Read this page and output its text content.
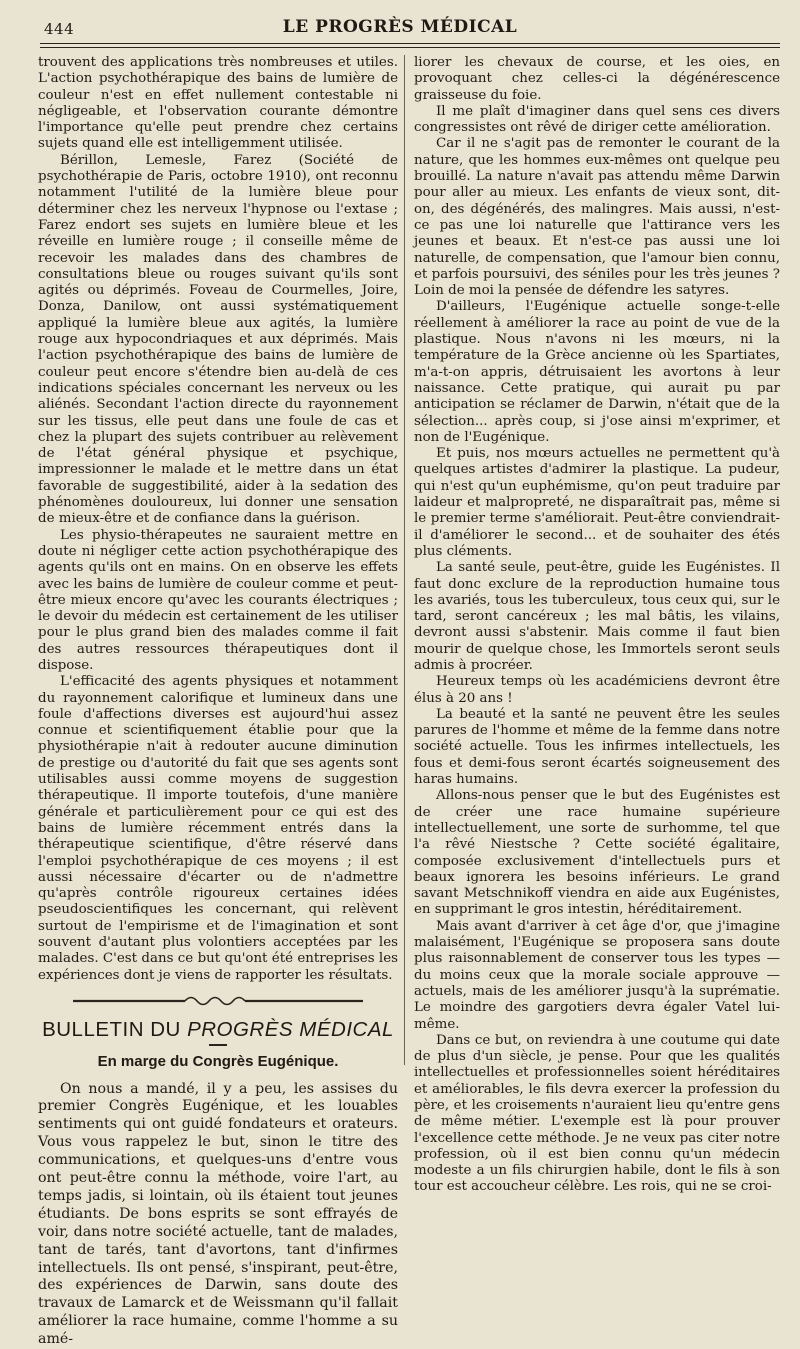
444	LE PROGRÈS MÉDICAL

trouvent des applications très nombreuses et utiles. L'action psychothérapique des bains de lumière de couleur n'est en effet nullement contestable ni négligeable, et l'observation courante démontre l'importance qu'elle peut prendre chez certains sujets quand elle est intelligemment utilisée.

Bérillon, Lemesle, Farez (Société de psychothérapie de Paris, octobre 1910), ont reconnu notamment l'utilité de la lumière bleue pour déterminer chez les nerveux l'hypnose ou l'extase ; Farez endort ses sujets en lumière bleue et les réveille en lumière rouge ; il conseille même de recevoir les malades dans des chambres de consultations bleue ou rouges suivant qu'ils sont agités ou déprimés. Foveau de Courmelles, Joire, Donza, Danilow, ont aussi systématiquement appliqué la lumière bleue aux agités, la lumière rouge aux hypocondriaques et aux déprimés. Mais l'action psychothérapique des bains de lumière de couleur peut encore s'étendre bien au-delà de ces indications spéciales concernant les nerveux ou les aliénés. Secondant l'action directe du rayonnement sur les tissus, elle peut dans une foule de cas et chez la plupart des sujets contribuer au relèvement de l'état général physique et psychique, impressionner le malade et le mettre dans un état favorable de suggestibilité, aider à la sedation des phénomènes douloureux, lui donner une sensation de mieux-être et de confiance dans la guérison.

Les physio-thérapeutes ne sauraient mettre en doute ni négliger cette action psychothérapique des agents qu'ils ont en mains. On en observe les effets avec les bains de lumière de couleur comme et peut-être mieux encore qu'avec les courants électriques ; le devoir du médecin est certainement de les utiliser pour le plus grand bien des malades comme il fait des autres ressources thérapeutiques dont il dispose.

L'efficacité des agents physiques et notamment du rayonnement calorifique et lumineux dans une foule d'affections diverses est aujourd'hui assez connue et scientifiquement établie pour que la physiothérapie n'ait à redouter aucune diminution de prestige ou d'autorité du fait que ses agents sont utilisables aussi comme moyens de suggestion thérapeutique. Il importe toutefois, d'une manière générale et particulièrement pour ce qui est des bains de lumière récemment entrés dans la thérapeutique scientifique, d'être réservé dans l'emploi psychothérapique de ces moyens ; il est aussi nécessaire d'écarter ou de n'admettre qu'après contrôle rigoureux certaines idées pseudoscientifiques les concernant, qui relèvent surtout de l'empirisme et de l'imagination et sont souvent d'autant plus volontiers acceptées par les malades. C'est dans ce but qu'ont été entreprises les expériences dont je viens de rapporter les résultats.

BULLETIN DU PROGRÈS MÉDICAL
En marge du Congrès Eugénique.

On nous a mandé, il y a peu, les assises du premier Congrès Eugénique, et les louables sentiments qui ont guidé fondateurs et orateurs. Vous vous rappelez le but, sinon le titre des communications, et quelques-uns d'entre vous ont peut-être connu la méthode, voire l'art, au temps jadis, si lointain, où ils étaient tout jeunes étudiants. De bons esprits se sont effrayés de voir, dans notre société actuelle, tant de malades, tant de tarés, tant d'avortons, tant d'infirmes intellectuels. Ils ont pensé, s'inspirant, peut-être, des expériences de Darwin, sans doute des travaux de Lamarck et de Weissmann qu'il fallait améliorer la race humaine, comme l'homme a su amé-

liorer les chevaux de course, et les oies, en provoquant chez celles-ci la dégénérescence graisseuse du foie.

Il me plaît d'imaginer dans quel sens ces divers congressistes ont rêvé de diriger cette amélioration.

Car il ne s'agit pas de remonter le courant de la nature, que les hommes eux-mêmes ont quelque peu brouillé. La nature n'avait pas attendu même Darwin pour aller au mieux. Les enfants de vieux sont, dit-on, des dégénérés, des malingres. Mais aussi, n'est-ce pas une loi naturelle que l'attirance vers les jeunes et beaux. Et n'est-ce pas aussi une loi naturelle, de compensation, que l'amour bien connu, et parfois poursuivi, des séniles pour les très jeunes ? Loin de moi la pensée de défendre les satyres.

D'ailleurs, l'Eugénique actuelle songe-t-elle réellement à améliorer la race au point de vue de la plastique. Nous n'avons ni les mœurs, ni la température de la Grèce ancienne où les Spartiates, m'a-t-on appris, détruisaient les avortons à leur naissance. Cette pratique, qui aurait pu par anticipation se réclamer de Darwin, n'était que de la sélection... après coup, si j'ose ainsi m'exprimer, et non de l'Eugénique.

Et puis, nos mœurs actuelles ne permettent qu'à quelques artistes d'admirer la plastique. La pudeur, qui n'est qu'un euphémisme, qu'on peut traduire par laideur et malpropreté, ne disparaîtrait pas, même si le premier terme s'améliorait. Peut-être conviendrait-il d'améliorer le second... et de souhaiter des étés plus cléments.

La santé seule, peut-être, guide les Eugénistes. Il faut donc exclure de la reproduction humaine tous les avariés, tous les tuberculeux, tous ceux qui, sur le tard, seront cancéreux ; les mal bâtis, les vilains, devront aussi s'abstenir. Mais comme il faut bien mourir de quelque chose, les Immortels seront seuls admis à procréer.

Heureux temps où les académiciens devront être élus à 20 ans !

La beauté et la santé ne peuvent être les seules parures de l'homme et même de la femme dans notre société actuelle. Tous les infirmes intellectuels, les fous et demi-fous seront écartés soigneusement des haras humains.

Allons-nous penser que le but des Eugénistes est de créer une race humaine supérieure intellectuellement, une sorte de surhomme, tel que l'a rêvé Niestsche ? Cette société égalitaire, composée exclusivement d'intellectuels purs et beaux ignorera les besoins inférieurs. Le grand savant Metschnikoff viendra en aide aux Eugénistes, en supprimant le gros intestin, héréditairement.

Mais avant d'arriver à cet âge d'or, que j'imagine malaisément, l'Eugénique se proposera sans doute plus raisonnablement de conserver tous les types — du moins ceux que la morale sociale approuve — actuels, mais de les améliorer jusqu'à la suprématie. Le moindre des gargotiers devra égaler Vatel lui-même.

Dans ce but, on reviendra à une coutume qui date de plus d'un siècle, je pense. Pour que les qualités intellectuelles et professionnelles soient héréditaires et améliorables, le fils devra exercer la profession du père, et les croisements n'auraient lieu qu'entre gens de même métier. L'exemple est là pour prouver l'excellence cette méthode. Je ne veux pas citer notre profession, où il est bien connu qu'un médecin modeste a un fils chirurgien habile, dont le fils à son tour est accoucheur célèbre. Les rois, qui ne se croi-
